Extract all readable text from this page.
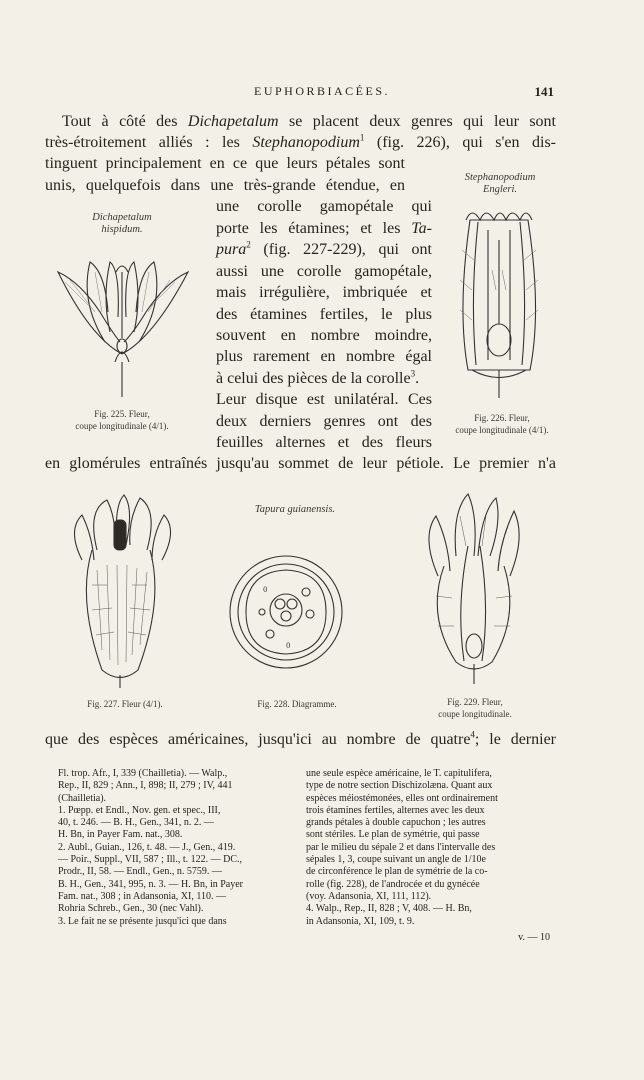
EUPHORBIACÉES.	141
Tout à côté des Dichapetalum se placent deux genres qui leur sont
très-étroitement alliés : les Stephanopodium$^1$ (fig. 226), qui s'en dis-
tinguent principalement en ce que leurs pétales sont
unis, quelquefois dans une très-grande étendue, en
une corolle gamopétale qui
porte les étamines; et les Ta-
pura$^2$ (fig. 227-229), qui ont
aussi une corolle gamopétale,
mais irrégulière, imbriquée et
des étamines fertiles, le plus
souvent en nombre moindre,
plus rarement en nombre égal
à celui des pièces de la corolle$^3$.
Leur disque est unilatéral. Ces
deux derniers genres ont des
feuilles alternes et des fleurs
en glomérules entraînés jusqu'au sommet de leur pétiole. Le premier n'a
Dichapetalum
hispidum.
Fig. 225. Fleur,
coupe longitudinale (4/1).
Stephanopodium
Engleri.
Fig. 226. Fleur,
coupe longitudinale (4/1).
Tapura guianensis.
Fig. 227. Fleur (4/1).
0
0
Fig. 228. Diagramme.	Fig. 229. Fleur,
coupe longitudinale.
que des espèces américaines, jusqu'ici au nombre de quatre$^4$; le dernier
Fl. trop. Afr., I, 339 (Chailletia). — Walp.,
Rep., II, 829 ; Ann., I, 898; II, 279 ; IV, 441
(Chailletia).
1. Pœpp. et Endl., Nov. gen. et spec., III,
40, t. 246. — B. H., Gen., 341, n. 2. —
H. Bn, in Payer Fam. nat., 308.
2. Aubl., Guian., 126, t. 48. — J., Gen., 419.
— Poir., Suppl., VII, 587 ; Ill., t. 122. — DC.,
Prodr., II, 58. — Endl., Gen., n. 5759. —
B. H., Gen., 341, 995, n. 3. — H. Bn, in Payer
Fam. nat., 308 ; in Adansonia, XI, 110. —
Rohria Schreb., Gen., 30 (nec Vahl).
3. Le fait ne se présente jusqu'ici que dans
une seule espèce américaine, le T. capitulifera,
type de notre section Dischizolæna. Quant aux
espèces méiostémonées, elles ont ordinairement
trois étamines fertiles, alternes avec les deux
grands pétales à double capuchon ; les autres
sont stériles. Le plan de symétrie, qui passe
par le milieu du sépale 2 et dans l'intervalle des
sépales 1, 3, coupe suivant un angle de 1/10e
de circonférence le plan de symétrie de la co-
rolle (fig. 228), de l'androcée et du gynécée
(voy. Adansonia, XI, 111, 112).
4. Walp., Rep., II, 828 ; V, 408. — H. Bn,
in Adansonia, XI, 109, t. 9.
v. — 10
